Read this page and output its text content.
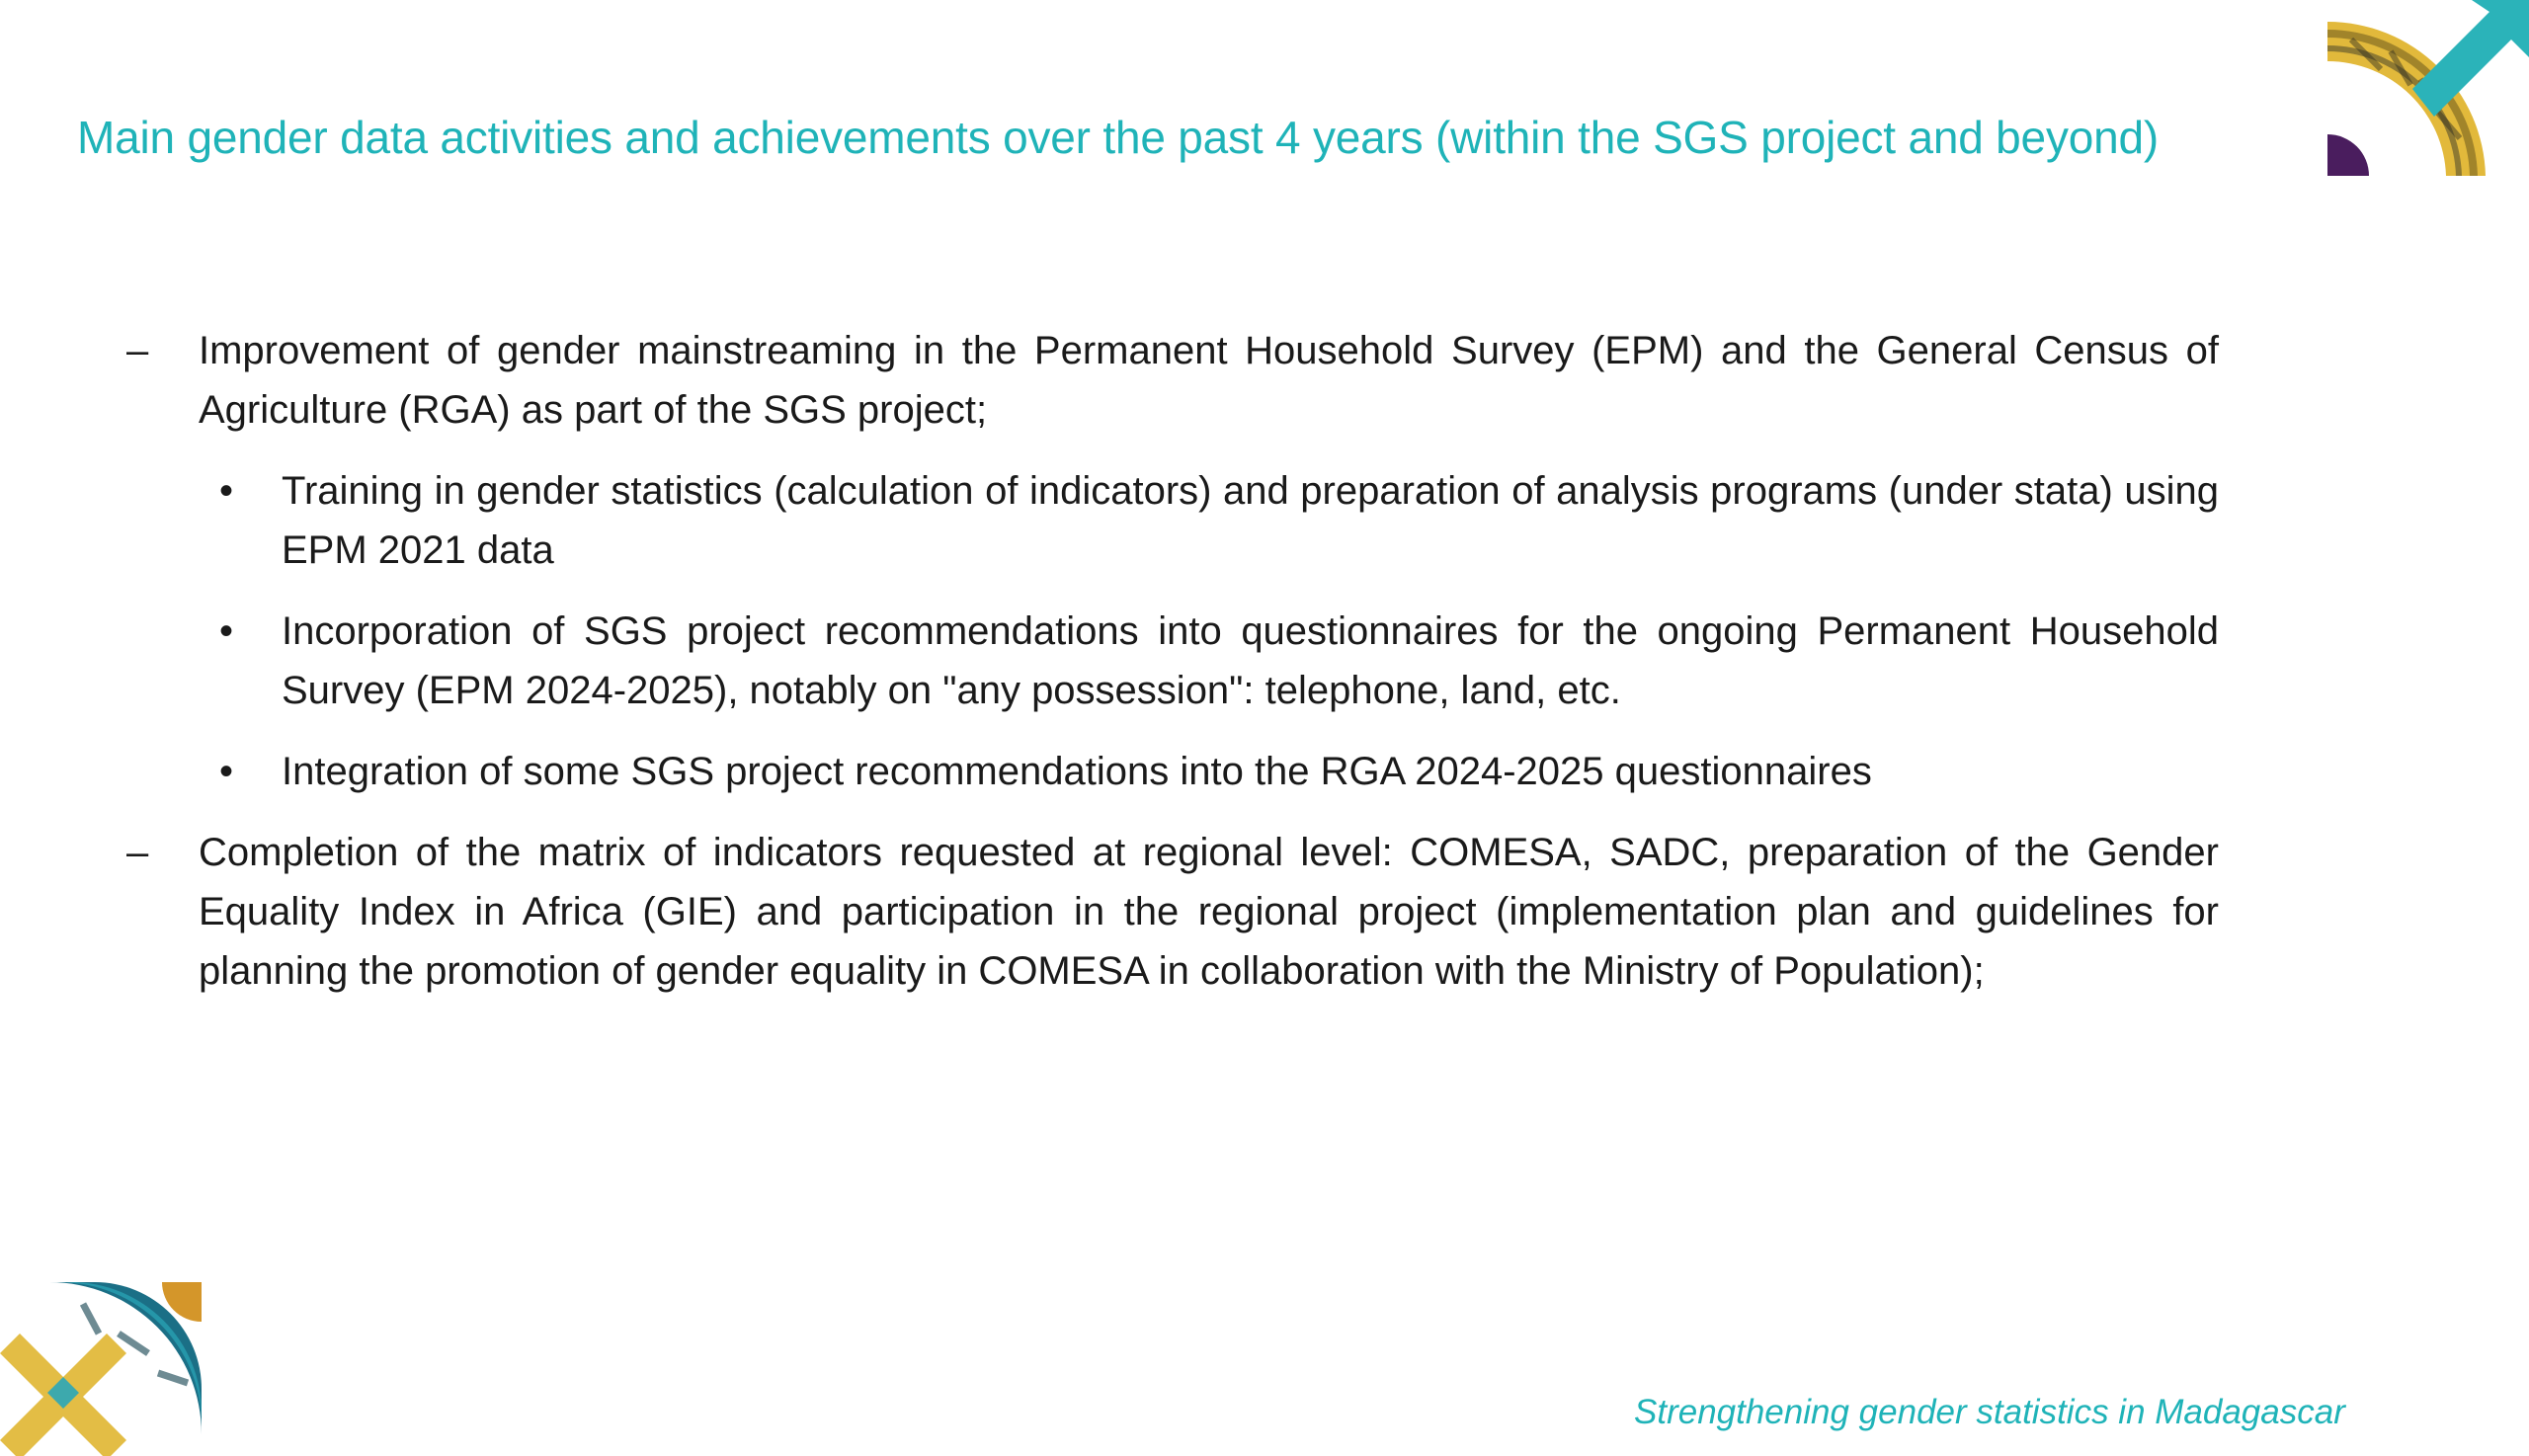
Main gender data activities and achievements over the past 4 years (within the SGS project and beyond)
– Improvement of gender mainstreaming in the Permanent Household Survey (EPM) and the General Census of Agriculture (RGA) as part of the SGS project;
• Training in gender statistics (calculation of indicators) and preparation of analysis programs (under stata) using EPM 2021 data
• Incorporation of SGS project recommendations into questionnaires for the ongoing Permanent Household Survey (EPM 2024-2025), notably on "any possession": telephone, land, etc.
• Integration of some SGS project recommendations into the RGA 2024-2025 questionnaires
– Completion of the matrix of indicators requested at regional level: COMESA, SADC, preparation of the Gender Equality Index in Africa (GIE) and participation in the regional project (implementation plan and guidelines for planning the promotion of gender equality in COMESA in collaboration with the Ministry of Population);
Strengthening gender statistics in Madagascar
